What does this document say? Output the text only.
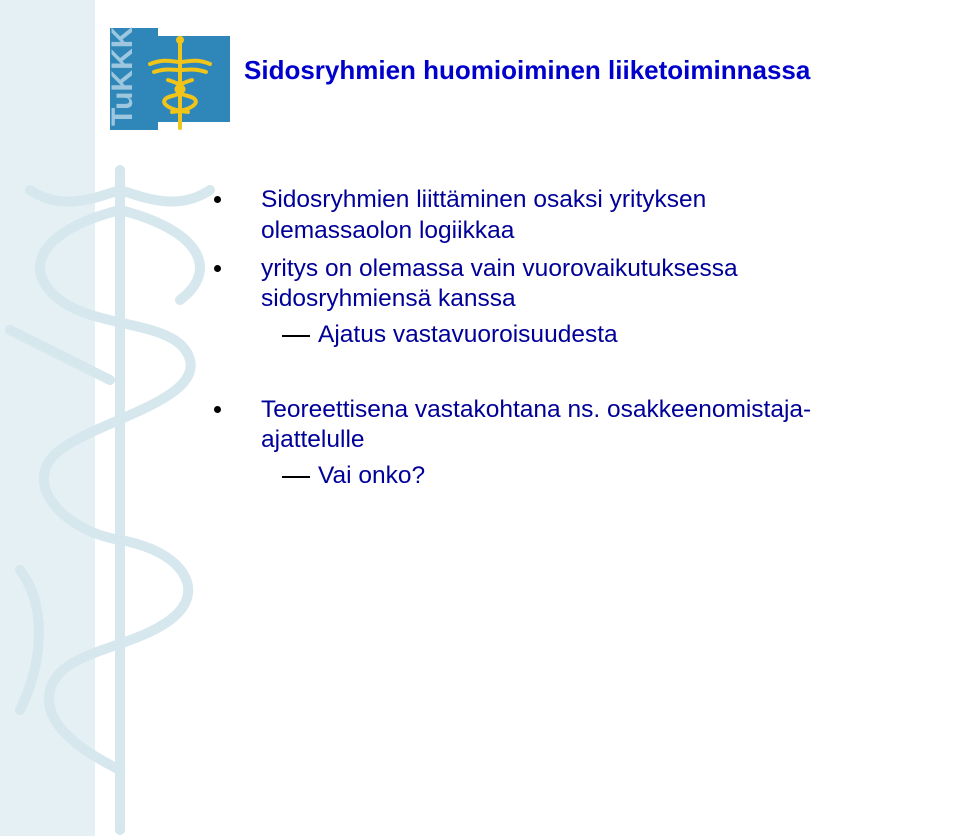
TuKKK	Sidosryhmien huomioiminen liiketoiminnassa
Sidosryhmien liittäminen osaksi yrityksen
olemassaolon logiikkaa
yritys on olemassa vain vuorovaikutuksessa
sidosryhmiensä kanssa
Ajatus vastavuoroisuudesta
Teoreettisena vastakohtana ns. osakkeenomistaja-
ajattelulle
Vai onko?
